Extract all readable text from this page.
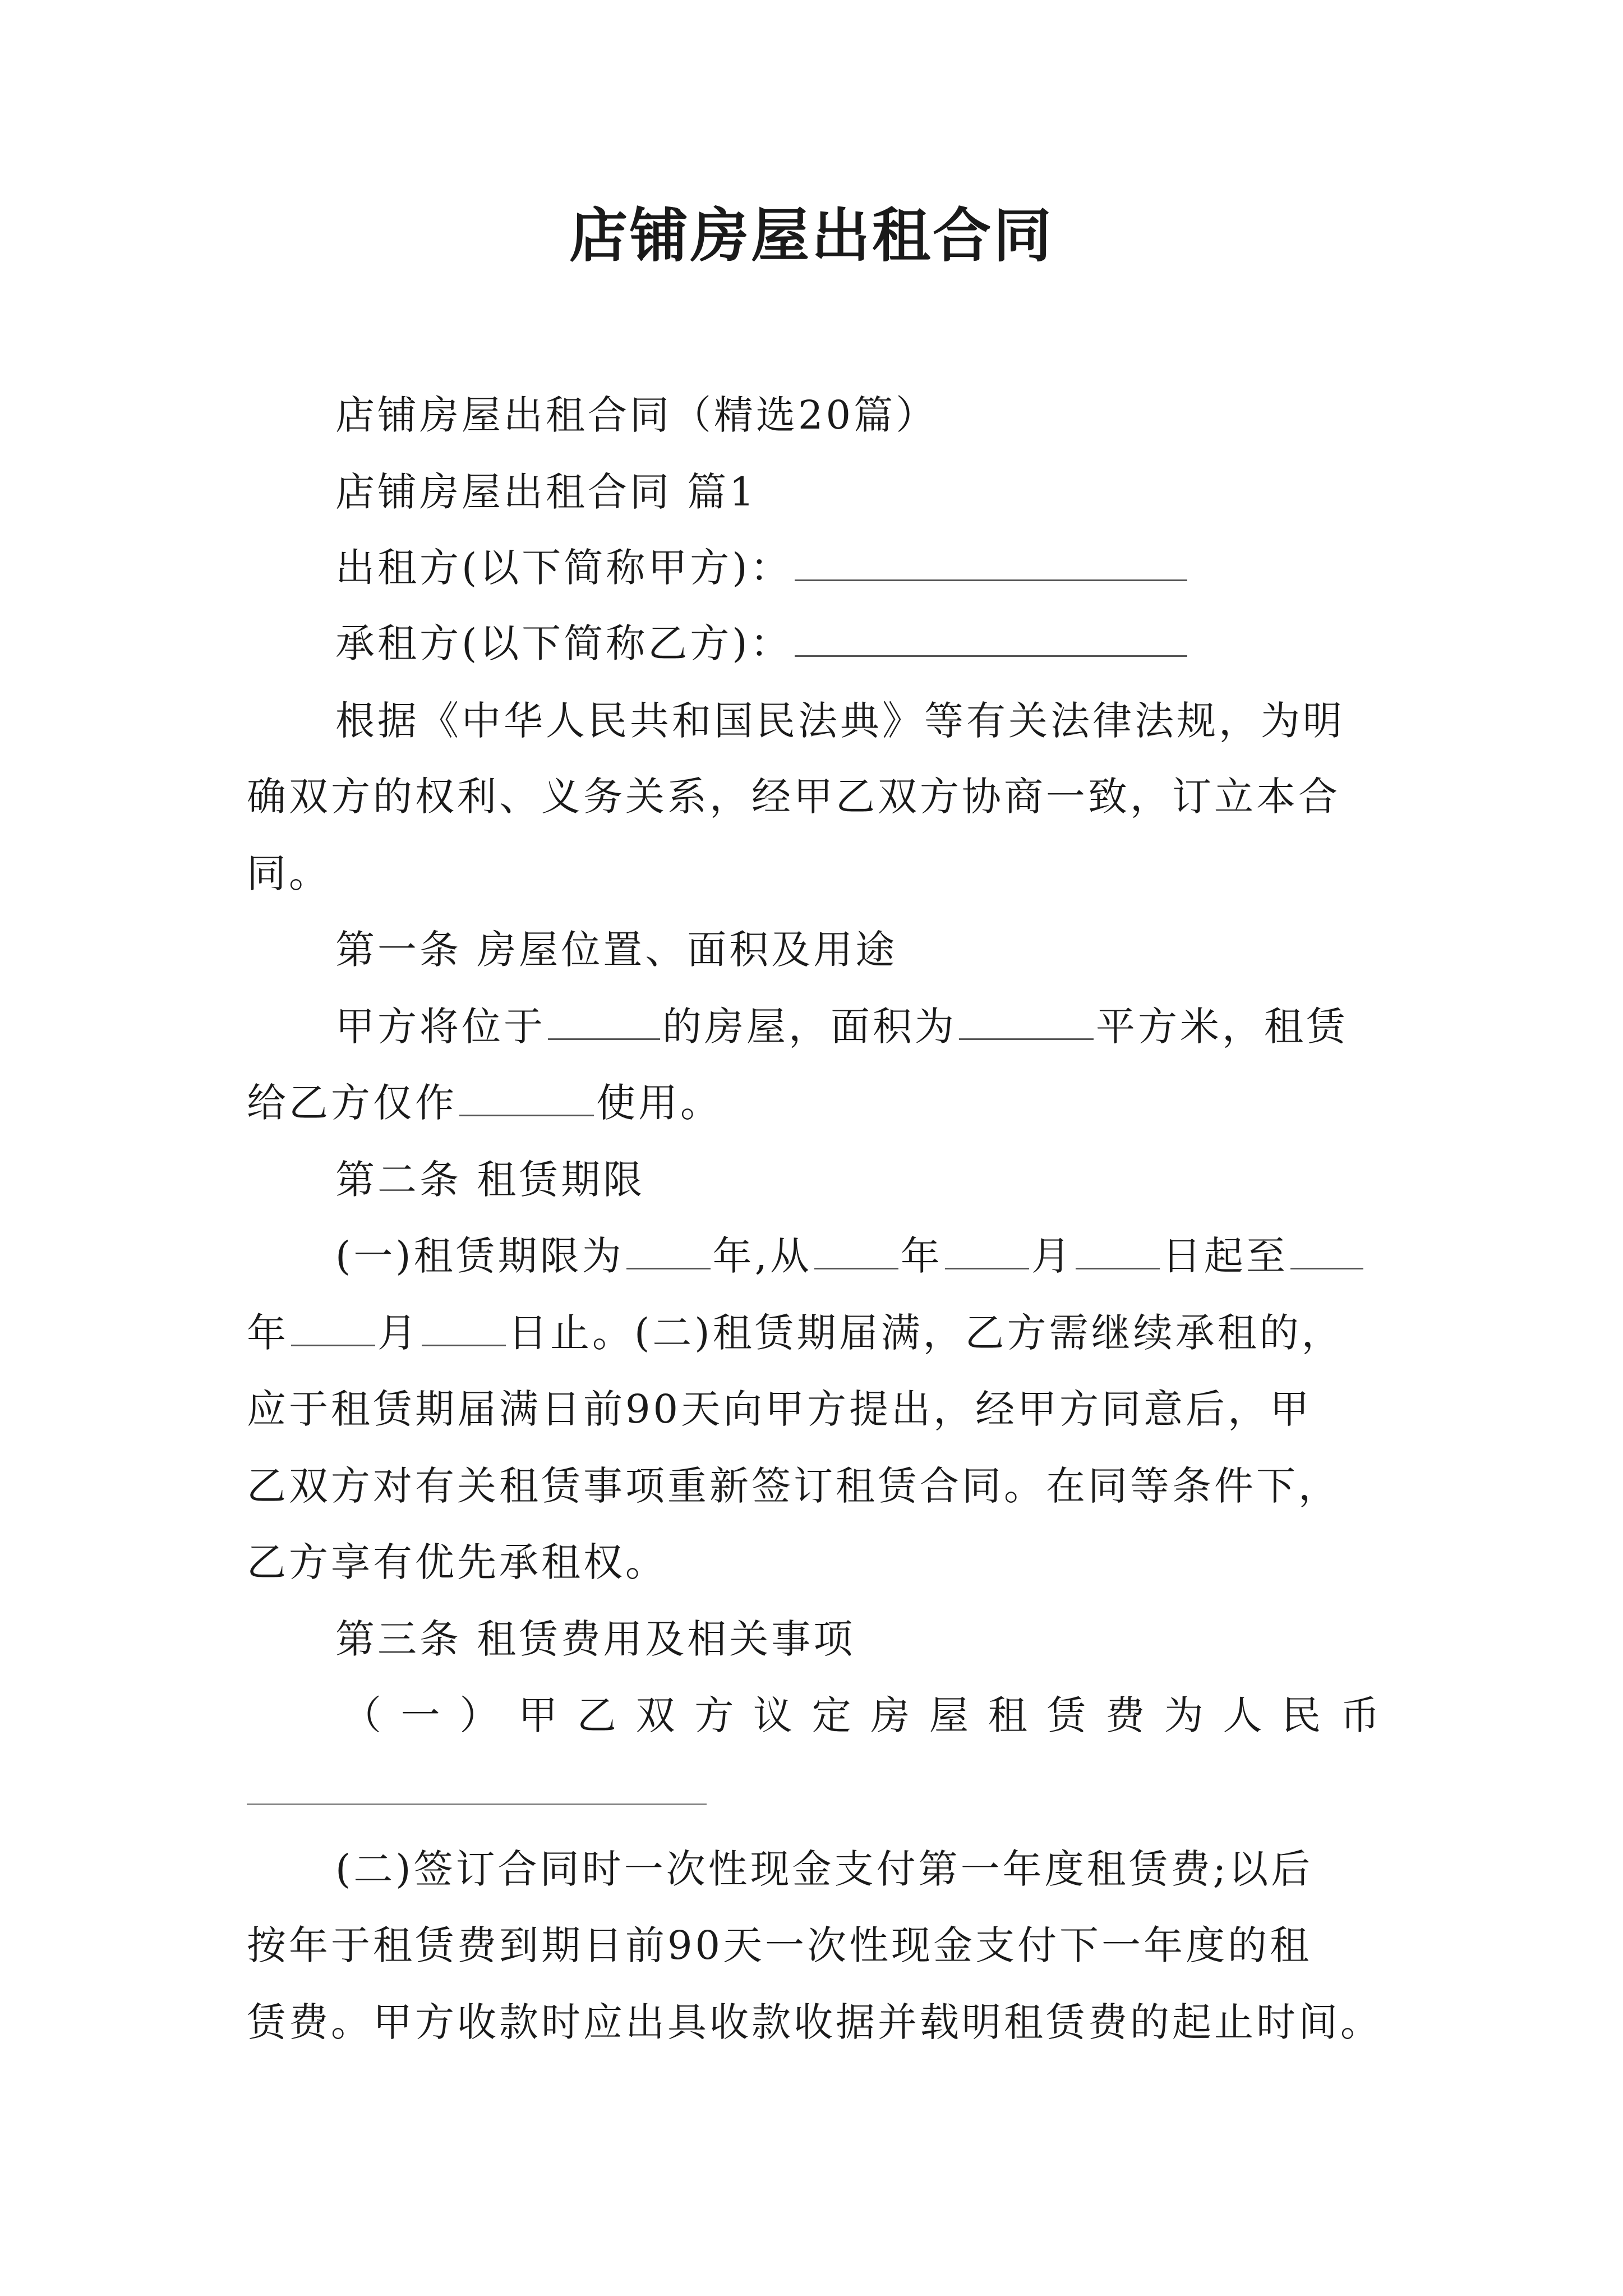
店铺房屋出租合同
店铺房屋出租合同（精选20篇）
店铺房屋出租合同 篇1
出租方(以下简称甲方)：
承租方(以下简称乙方)：
根据《中华人民共和国民法典》等有关法律法规，为明
确双方的权利、义务关系，经甲乙双方协商一致，订立本合
同。
第一条 房屋位置、面积及用途
甲方将位于	的房屋，面积为	平方米，租赁
给乙方仅作	使用。
第二条 租赁期限
(一)租赁期限为 年,从 年 月 日起至
年 月 日止。(二)租赁期届满，乙方需继续承租的，
应于租赁期届满日前90天向甲方提出，经甲方同意后，甲
乙双方对有关租赁事项重新签订租赁合同。在同等条件下，
乙方享有优先承租权。
第三条 租赁费用及相关事项
（ 一 ） 甲 乙 双 方 议 定 房 屋 租 赁 费 为 人 民 币
(二)签订合同时一次性现金支付第一年度租赁费;以后
按年于租赁费到期日前90天一次性现金支付下一年度的租
赁费。甲方收款时应出具收款收据并载明租赁费的起止时间。
